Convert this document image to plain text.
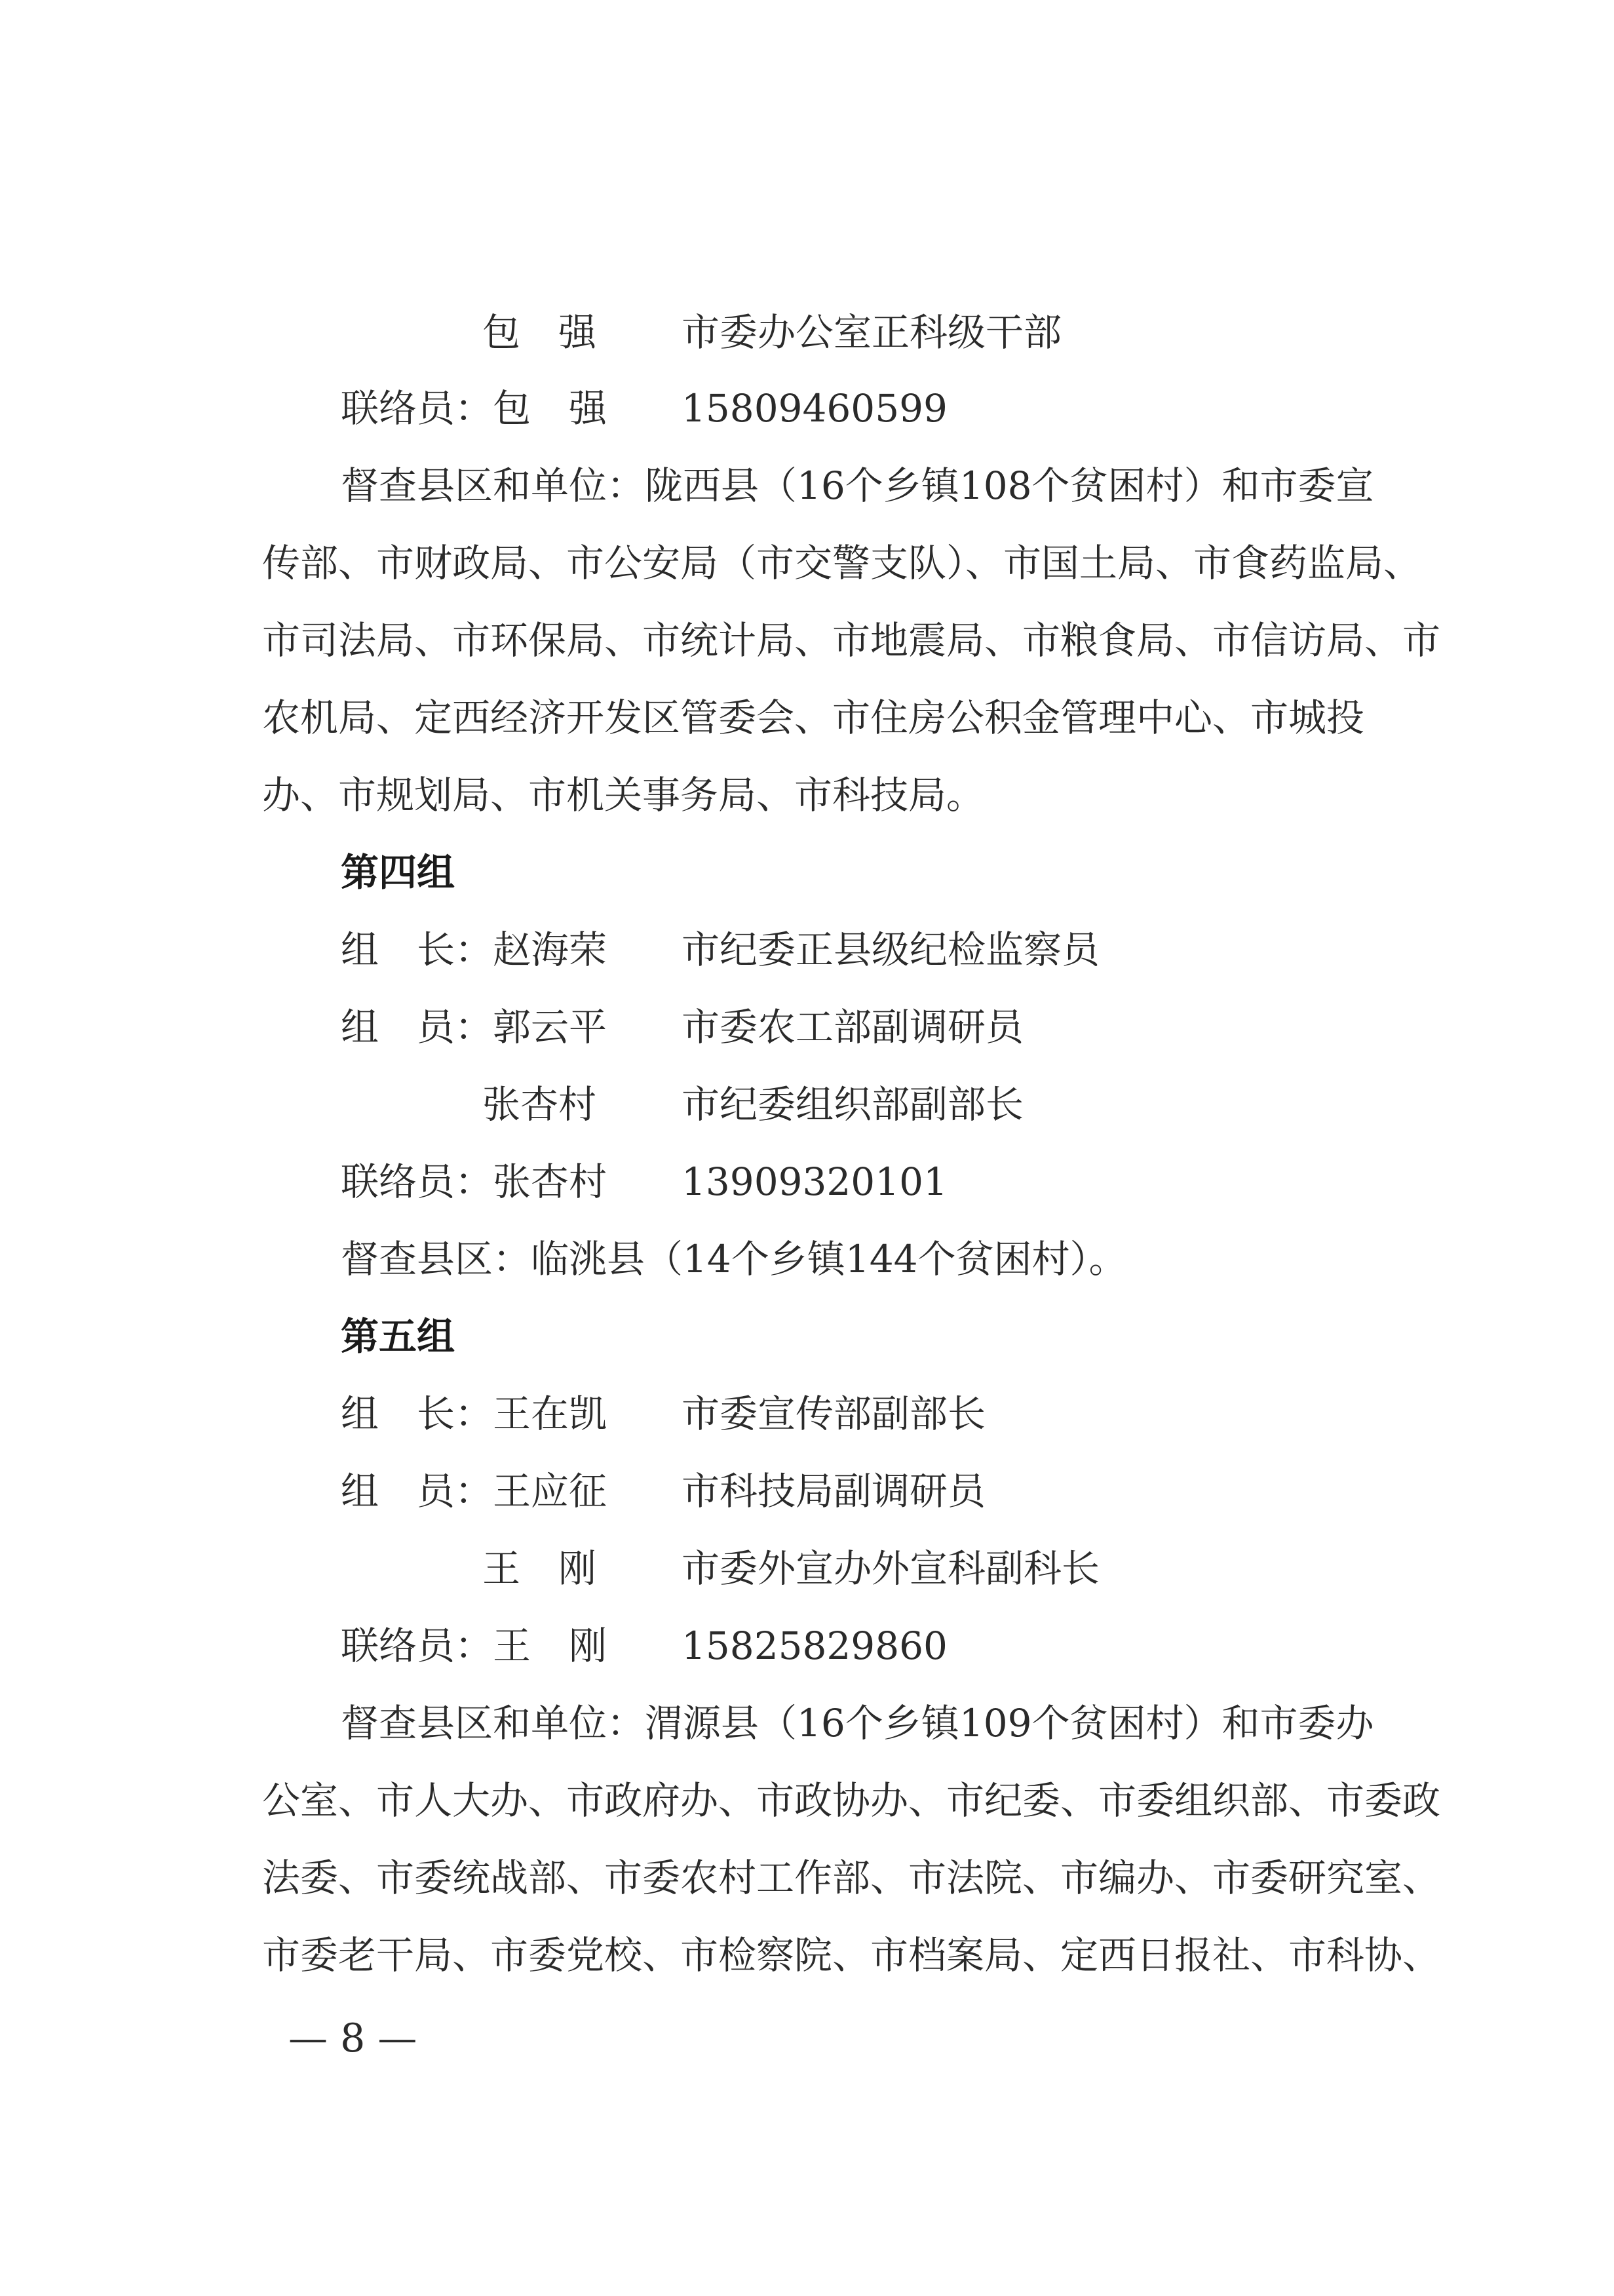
包　强 市委办公室正科级干部
联络员：包　强 15809460599
督查县区和单位：陇西县（16个乡镇108个贫困村）和市委宣
传部、市财政局、市公安局（市交警支队）、市国土局、市食药监局、
市司法局、市环保局、市统计局、市地震局、市粮食局、市信访局、市
农机局、定西经济开发区管委会、市住房公积金管理中心、市城投
办、市规划局、市机关事务局、市科技局。
第四组
组　长：赵海荣 市纪委正县级纪检监察员
组　员：郭云平 市委农工部副调研员
张杏村 市纪委组织部副部长
联络员：张杏村 13909320101
督查县区：临洮县（14个乡镇144个贫困村）。
第五组
组　长：王在凯 市委宣传部副部长
组　员：王应征 市科技局副调研员
王　刚 市委外宣办外宣科副科长
联络员：王　刚 15825829860
督查县区和单位：渭源县（16个乡镇109个贫困村）和市委办
公室、市人大办、市政府办、市政协办、市纪委、市委组织部、市委政
法委、市委统战部、市委农村工作部、市法院、市编办、市委研究室、
市委老干局、市委党校、市检察院、市档案局、定西日报社、市科协、
— 8 —
